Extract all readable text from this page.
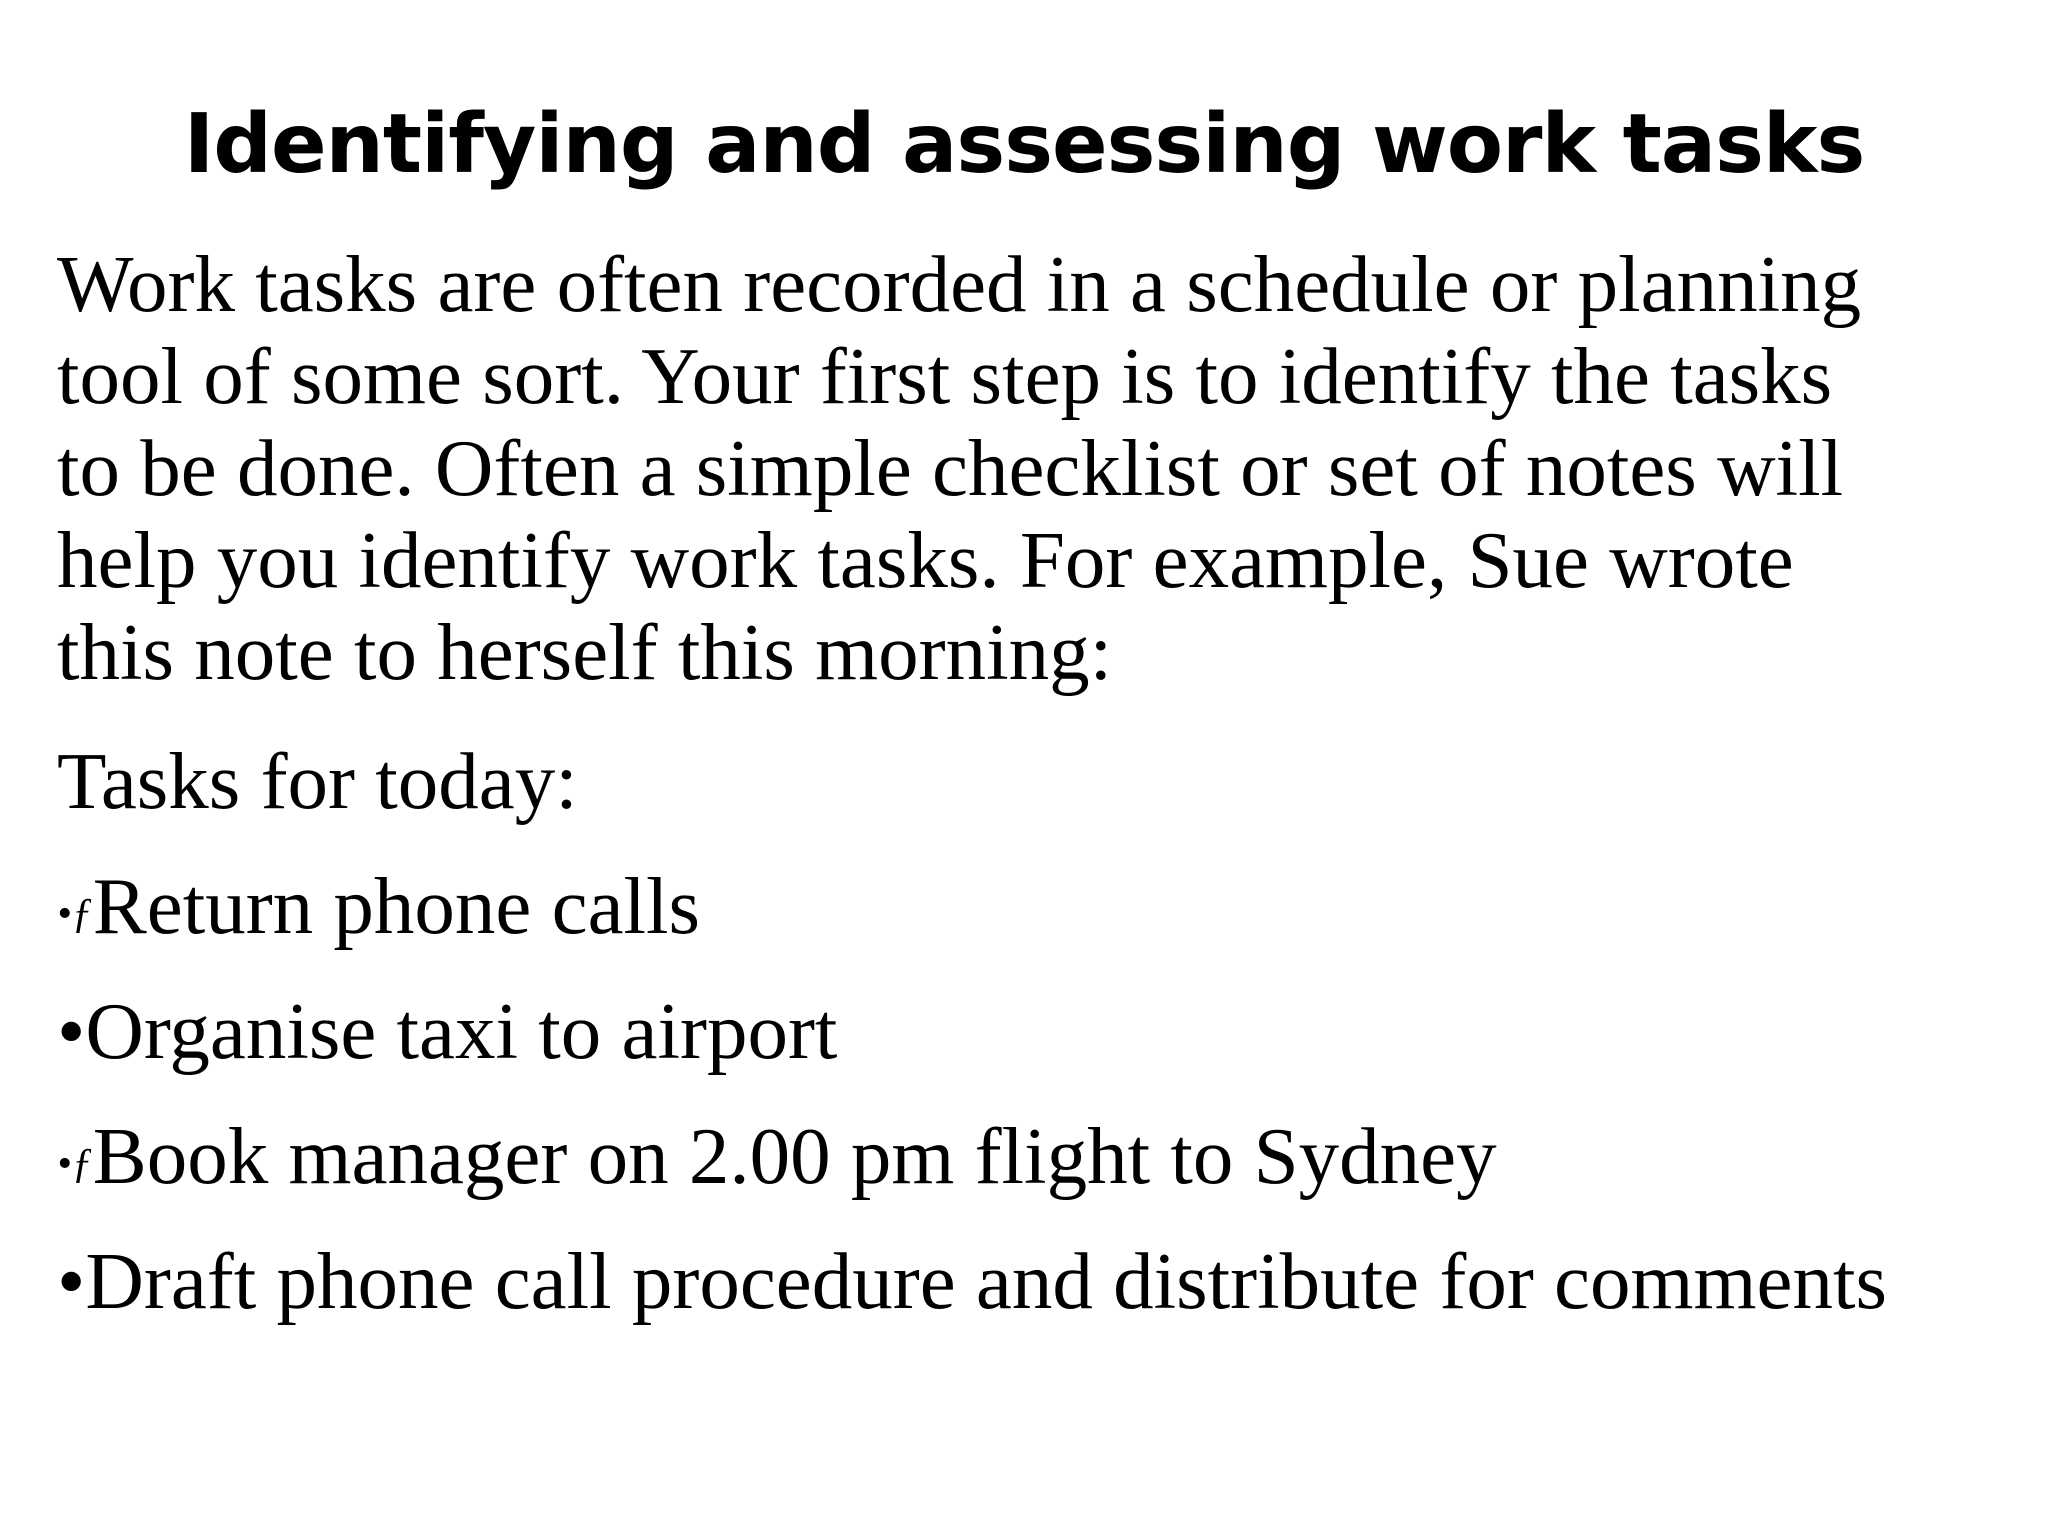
Identifying and assessing work tasks

Work tasks are often recorded in a schedule or planning
tool of some sort. Your first step is to identify the tasks
to be done. Often a simple checklist or set of notes will
help you identify work tasks. For example, Sue wrote
this note to herself this morning:

Tasks for today:

•ƒReturn phone calls
•Organise taxi to airport
•ƒBook manager on 2.00 pm flight to Sydney
•Draft phone call procedure and distribute for comments
